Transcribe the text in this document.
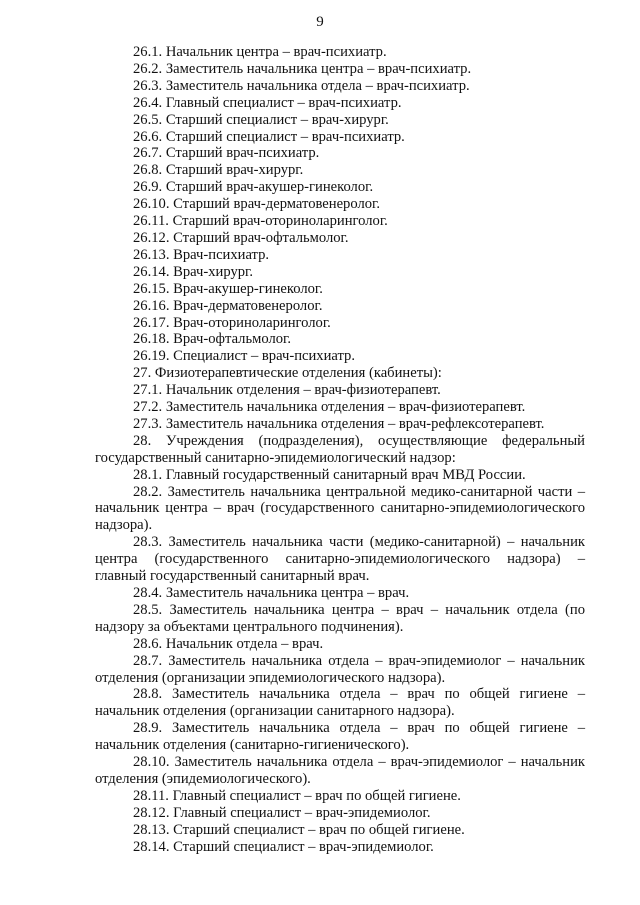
9

26.1. Начальник центра – врач-психиатр.

26.2. Заместитель начальника центра – врач-психиатр.

26.3. Заместитель начальника отдела – врач-психиатр.

26.4. Главный специалист – врач-психиатр.

26.5. Старший специалист – врач-хирург.

26.6. Старший специалист – врач-психиатр.

26.7. Старший врач-психиатр.

26.8. Старший врач-хирург.

26.9. Старший врач-акушер-гинеколог.

26.10. Старший врач-дерматовенеролог.

26.11. Старший врач-оториноларинголог.

26.12. Старший врач-офтальмолог.

26.13. Врач-психиатр.

26.14. Врач-хирург.

26.15. Врач-акушер-гинеколог.

26.16. Врач-дерматовенеролог.

26.17. Врач-оториноларинголог.

26.18. Врач-офтальмолог.

26.19. Специалист – врач-психиатр.

27. Физиотерапевтические отделения (кабинеты):

27.1. Начальник отделения – врач-физиотерапевт.

27.2. Заместитель начальника отделения – врач-физиотерапевт.

27.3. Заместитель начальника отделения – врач-рефлексотерапевт.

28. Учреждения (подразделения), осуществляющие федеральный государственный санитарно-эпидемиологический надзор:

28.1. Главный государственный санитарный врач МВД России.

28.2. Заместитель начальника центральной медико-санитарной части – начальник центра – врач (государственного санитарно-эпидемиологического надзора).

28.3. Заместитель начальника части (медико-санитарной) – начальник центра (государственного санитарно-эпидемиологического надзора) – главный государственный санитарный врач.

28.4. Заместитель начальника центра – врач.

28.5. Заместитель начальника центра – врач – начальник отдела (по надзору за объектами центрального подчинения).

28.6. Начальник отдела – врач.

28.7. Заместитель начальника отдела – врач-эпидемиолог – начальник отделения (организации эпидемиологического надзора).

28.8. Заместитель начальника отдела – врач по общей гигиене – начальник отделения (организации санитарного надзора).

28.9. Заместитель начальника отдела – врач по общей гигиене – начальник отделения (санитарно-гигиенического).

28.10. Заместитель начальника отдела – врач-эпидемиолог – начальник отделения (эпидемиологического).

28.11. Главный специалист – врач по общей гигиене.

28.12. Главный специалист – врач-эпидемиолог.

28.13. Старший специалист – врач по общей гигиене.

28.14. Старший специалист – врач-эпидемиолог.
